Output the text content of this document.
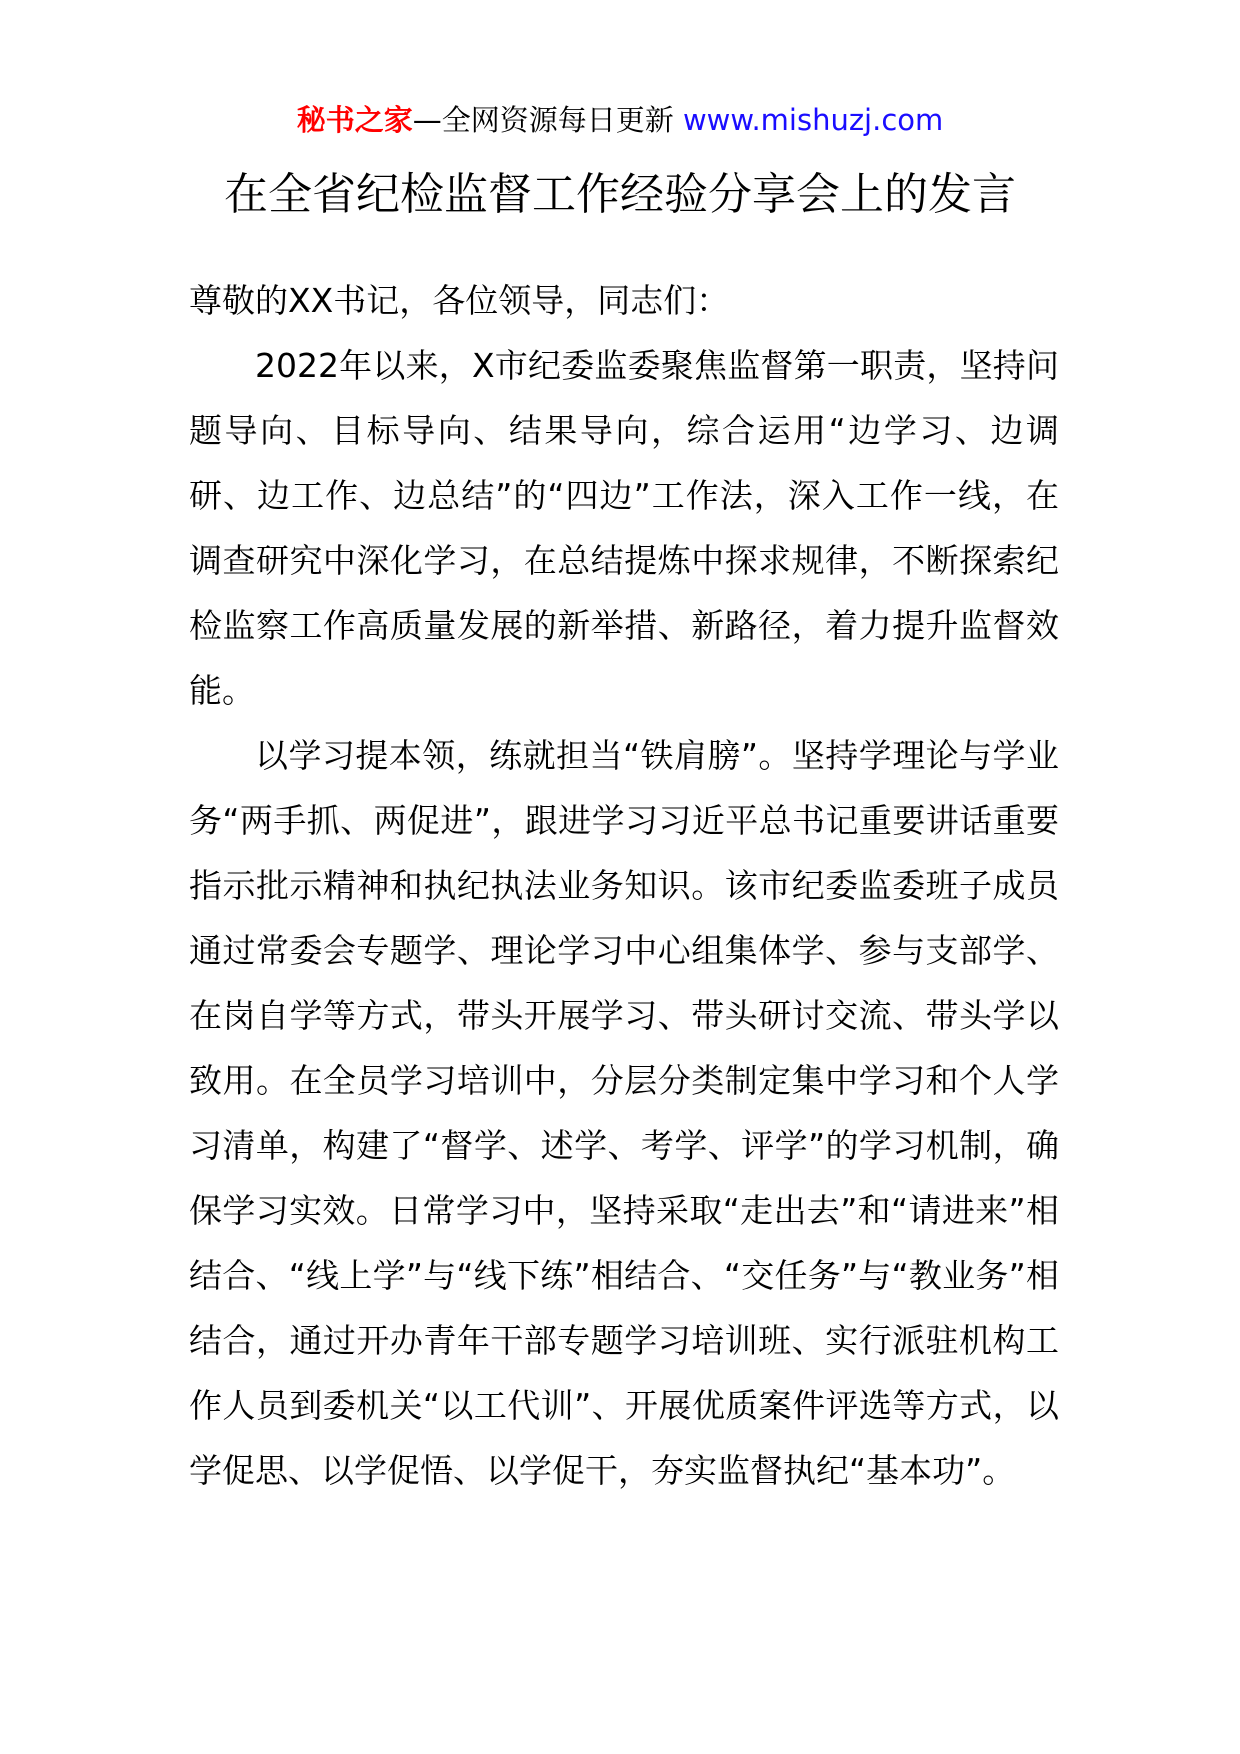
秘书之家—全网资源每日更新 www.mishuzj.com
在全省纪检监督工作经验分享会上的发言

尊敬的XX书记，各位领导，同志们：

2022年以来，X市纪委监委聚焦监督第一职责，坚持问题导向、目标导向、结果导向，综合运用“边学习、边调研、边工作、边总结”的“四边”工作法，深入工作一线，在调查研究中深化学习，在总结提炼中探求规律，不断探索纪检监察工作高质量发展的新举措、新路径，着力提升监督效能。

以学习提本领，练就担当“铁肩膀”。坚持学理论与学业务“两手抓、两促进”，跟进学习习近平总书记重要讲话重要指示批示精神和执纪执法业务知识。该市纪委监委班子成员通过常委会专题学、理论学习中心组集体学、参与支部学、在岗自学等方式，带头开展学习、带头研讨交流、带头学以致用。在全员学习培训中，分层分类制定集中学习和个人学习清单，构建了“督学、述学、考学、评学”的学习机制，确保学习实效。日常学习中，坚持采取“走出去”和“请进来”相结合、“线上学”与“线下练”相结合、“交任务”与“教业务”相结合，通过开办青年干部专题学习培训班、实行派驻机构工作人员到委机关“以工代训”、开展优质案件评选等方式，以学促思、以学促悟、以学促干，夯实监督执纪“基本功”。
